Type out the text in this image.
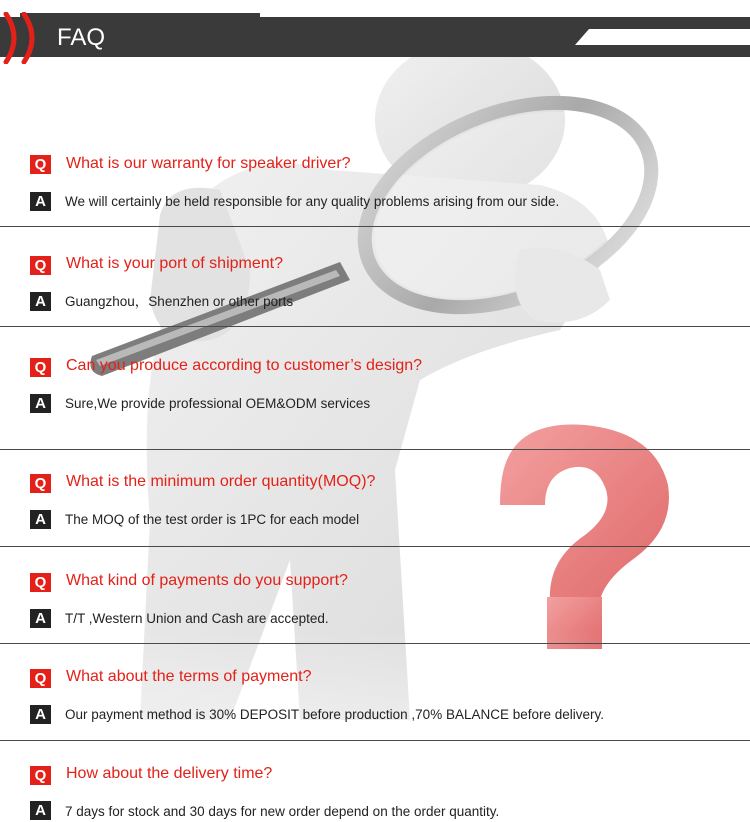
FAQ
Q What is our warranty for speaker driver?
A	We will certainly be held responsible for any quality problems arising from our side.
Q What is your port of shipment?
A	Guangzhou，Shenzhen or other ports
Q Can you produce according to customer’s design?
A	Sure,We provide professional OEM&ODM services
Q What is the minimum order quantity(MOQ)?
A	The MOQ of the test order is 1PC for each model
Q What kind of payments do you support?
A	T/T ,Western Union and Cash are accepted.
Q What about the terms of payment?
A	Our payment method is 30% DEPOSIT before production ,70% BALANCE before delivery.
Q How about the delivery time?
A	7 days for stock and 30 days for new order depend on the order quantity.
